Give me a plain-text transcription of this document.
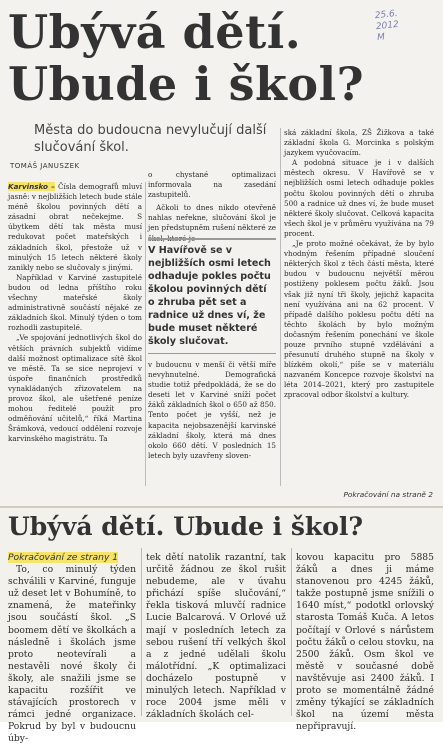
Ubývá dětí.
Ubude i škol?
25.6.
2012
M

Města do budoucna nevylučují další slučování škol.

TOMÁŠ JANUSZEK

Karvinsko – Čísla demografů mluví jasně: v nejbližších letech bude stále méně školou povinných dětí a zásadní obrat nečekejme. S úbytkem dětí tak města musí redukovat počet mateřských i základních škol, přestože už v minulých 15 letech některé školy zanikly nebo se slučovaly s jinými.

Například v Karviné zastupitelé budou od ledna příštího roku všechny mateřské školy administrativně součástí nějaké ze základních škol. Minulý týden o tom rozhodli zastupitelé.

„Ve spojování jednotlivých škol do větších právních subjektů vidíme další možnost optimalizace sítě škol ve městě. Ta se sice neprojeví v úspoře finančních prostředků vynakládaných zřizovatelem na provoz škol, ale ušetřené peníze mohou ředitelé použít pro odměňování učitelů,“ říká Martina Šrámková, vedoucí oddělení rozvoje karvinského magistrátu. Ta

o chystané optimalizaci informovala na zasedání zastupitelů.

Ačkoli to dnes nikdo otevřeně nahlas neřekne, slučování škol je jen předstupněm rušení některé ze škol, které je

V Havířově se v nejbližších osmi letech odhaduje pokles počtu školou povinných dětí o zhruba pět set a radnice už dnes ví, že bude muset některé školy slučovat.

v budoucnu v menší či větší míře nevyhnutelné. Demografická studie totiž předpokládá, že se do deseti let v Karviné sníží počet žáků základních škol o 650 až 850. Tento počet je vyšší, než je kapacita nejobsazenější karvinské základní školy, která má dnes okolo 660 dětí. V posledních 15 letech byly uzavřeny sloven-

ská základní škola, ZŠ Žižkova a také základní škola G. Morcinka s polským jazykem vyučovacím.

A podobná situace je i v dalších městech okresu. V Havířově se v nejbližších osmi letech odhaduje pokles počtu školou povinných dětí o zhruba 500 a radnice už dnes ví, že bude muset některé školy slučovat. Celková kapacita všech škol je v průměru využívána na 79 procent.

„Je proto možné očekávat, že by bylo vhodným řešením případné sloučení některých škol z těch částí města, které budou v budoucnu největší měrou postiženy poklesem počtu žáků. Jsou však již nyní tři školy, jejichž kapacita není využívána ani na 62 procent. V případě dalšího poklesu počtu dětí na těchto školách by bylo možným dočasným řešením ponechání ve škole pouze prvního stupně vzdělávání a přesunutí druhého stupně na školy v blízkém okolí,“ píše se v materiálu nazvaném Koncepce rozvoje školství na léta 2014–2021, který pro zastupitele zpracoval odbor školství a kultury.

Pokračování na straně 2
Ubývá dětí. Ubude i škol?

Pokračování ze strany 1

To, co minulý týden schválili v Karviné, funguje už deset let v Bohumíně, to znamená, že mateřinky jsou součástí škol. „S boomem dětí ve školkách a následně i školách jsme proto neotevírali a nestavěli nové školy či školy, ale snažili jsme se kapacitu rozšířit ve stávajících prostorech v rámci jedné organizace. Pokrud by byl v budoucnu úby-

tek dětí natolik razantní, tak určitě žádnou ze škol rušit nebudeme, ale v úvahu přichází spíše slučování,“ řekla tisková mluvčí radnice Lucie Balcarová. V Orlové už mají v posledních letech za sebou rušení tří velkých škol a z jedné udělali školu málotřídní. „K optimalizaci docházelo postupně v minulých letech. Například v roce 2004 jsme měli v základních školách cel-

kovou kapacitu pro 5885 žáků a dnes ji máme stanovenou pro 4245 žáků, takže postupně jsme snížili o 1640 míst,“ podotkl orlovský starosta Tomáš Kuča. A letos počítají v Orlové s nárůstem počtu žáků o celou stovku, na 2500 žáků. Osm škol ve městě v současné době navštěvuje asi 2400 žáků. I proto se momentálně žádné změny týkající se základních škol na území města nepřipravují.
